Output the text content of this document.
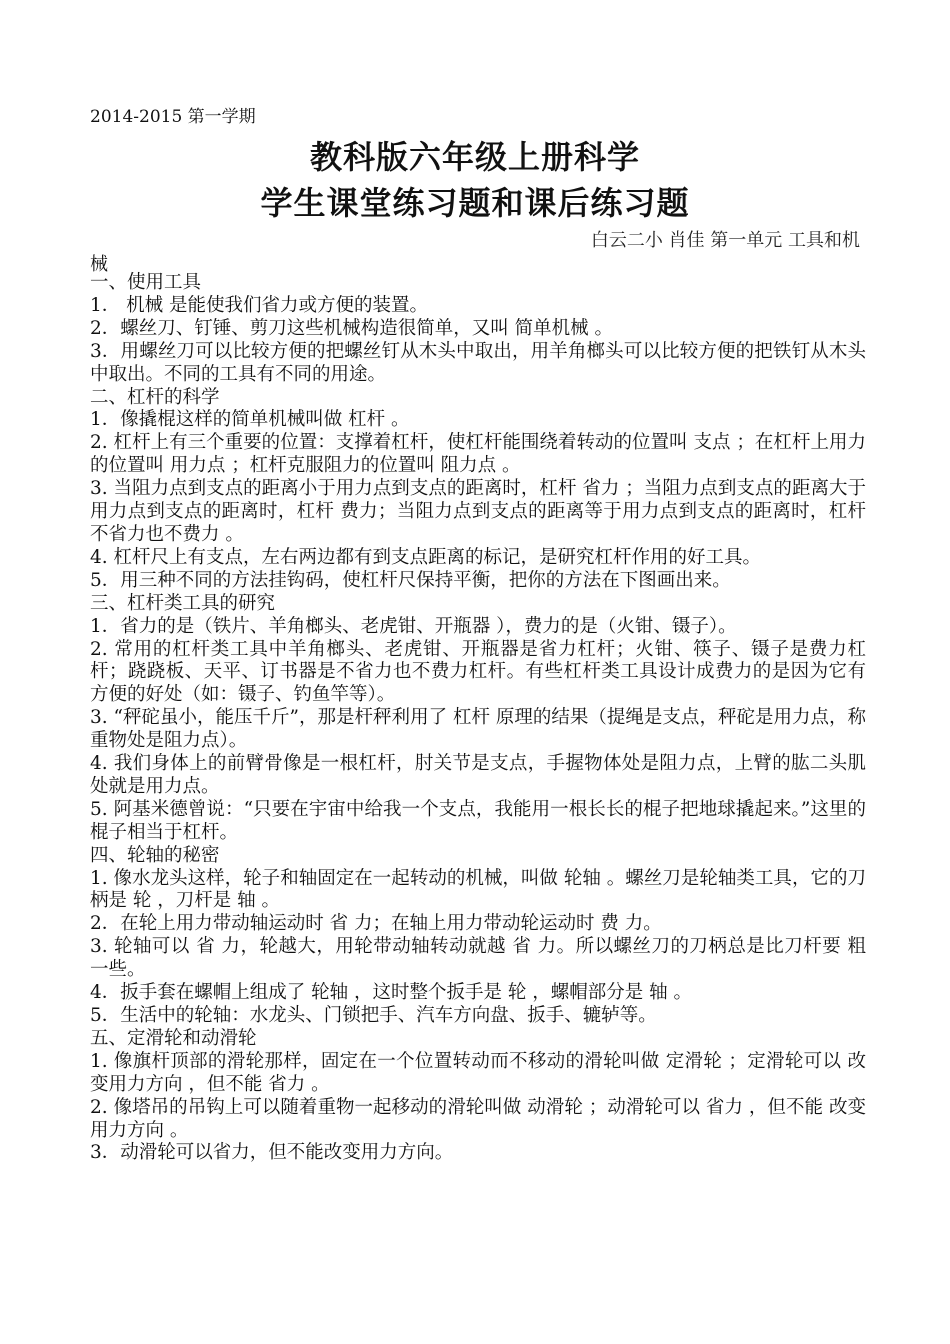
2014-2015 第一学期
教科版六年级上册科学
学生课堂练习题和课后练习题
白云二小 肖佳 第一单元 工具和机
械

一、使用工具

1． 机械 是能使我们省力或方便的装置。

2．螺丝刀、钉锤、剪刀这些机械构造很简单，又叫 简单机械 。

3．用螺丝刀可以比较方便的把螺丝钉从木头中取出，用羊角榔头可以比较方便的把铁钉从木头中取出。不同的工具有不同的用途。

二、杠杆的科学

1．像撬棍这样的简单机械叫做 杠杆 。

2. 杠杆上有三个重要的位置：支撑着杠杆，使杠杆能围绕着转动的位置叫 支点 ；在杠杆上用力的位置叫 用力点 ；杠杆克服阻力的位置叫 阻力点 。

3. 当阻力点到支点的距离小于用力点到支点的距离时，杠杆 省力 ；当阻力点到支点的距离大于用力点到支点的距离时，杠杆 费力；当阻力点到支点的距离等于用力点到支点的距离时，杠杆 不省力也不费力 。

4. 杠杆尺上有支点，左右两边都有到支点距离的标记，是研究杠杆作用的好工具。

5．用三种不同的方法挂钩码，使杠杆尺保持平衡，把你的方法在下图画出来。

三、杠杆类工具的研究

1．省力的是（铁片、羊角榔头、老虎钳、开瓶器 ），费力的是（火钳、镊子）。

2. 常用的杠杆类工具中羊角榔头、老虎钳、开瓶器是省力杠杆；火钳、筷子、镊子是费力杠杆；跷跷板、天平、订书器是不省力也不费力杠杆。有些杠杆类工具设计成费力的是因为它有方便的好处（如：镊子、钓鱼竿等）。

3. “秤砣虽小，能压千斤”，那是杆秤利用了 杠杆 原理的结果（提绳是支点，秤砣是用力点，称重物处是阻力点）。

4. 我们身体上的前臂骨像是一根杠杆，肘关节是支点，手握物体处是阻力点，上臂的肱二头肌处就是用力点。

5. 阿基米德曾说：“只要在宇宙中给我一个支点，我能用一根长长的棍子把地球撬起来。”这里的棍子相当于杠杆。

四、轮轴的秘密

1. 像水龙头这样，轮子和轴固定在一起转动的机械，叫做 轮轴 。螺丝刀是轮轴类工具，它的刀柄是 轮 ，刀杆是 轴 。

2．在轮上用力带动轴运动时 省 力；在轴上用力带动轮运动时 费 力。

3. 轮轴可以 省 力，轮越大，用轮带动轴转动就越 省 力。所以螺丝刀的刀柄总是比刀杆要 粗 一些。

4．扳手套在螺帽上组成了 轮轴 ，这时整个扳手是 轮 ，螺帽部分是 轴 。

5．生活中的轮轴：水龙头、门锁把手、汽车方向盘、扳手、辘轳等。

五、定滑轮和动滑轮

1. 像旗杆顶部的滑轮那样，固定在一个位置转动而不移动的滑轮叫做 定滑轮 ；定滑轮可以 改变用力方向 ，但不能 省力 。

2. 像塔吊的吊钩上可以随着重物一起移动的滑轮叫做 动滑轮 ；动滑轮可以 省力 ，但不能 改变用力方向 。

3．动滑轮可以省力，但不能改变用力方向。
